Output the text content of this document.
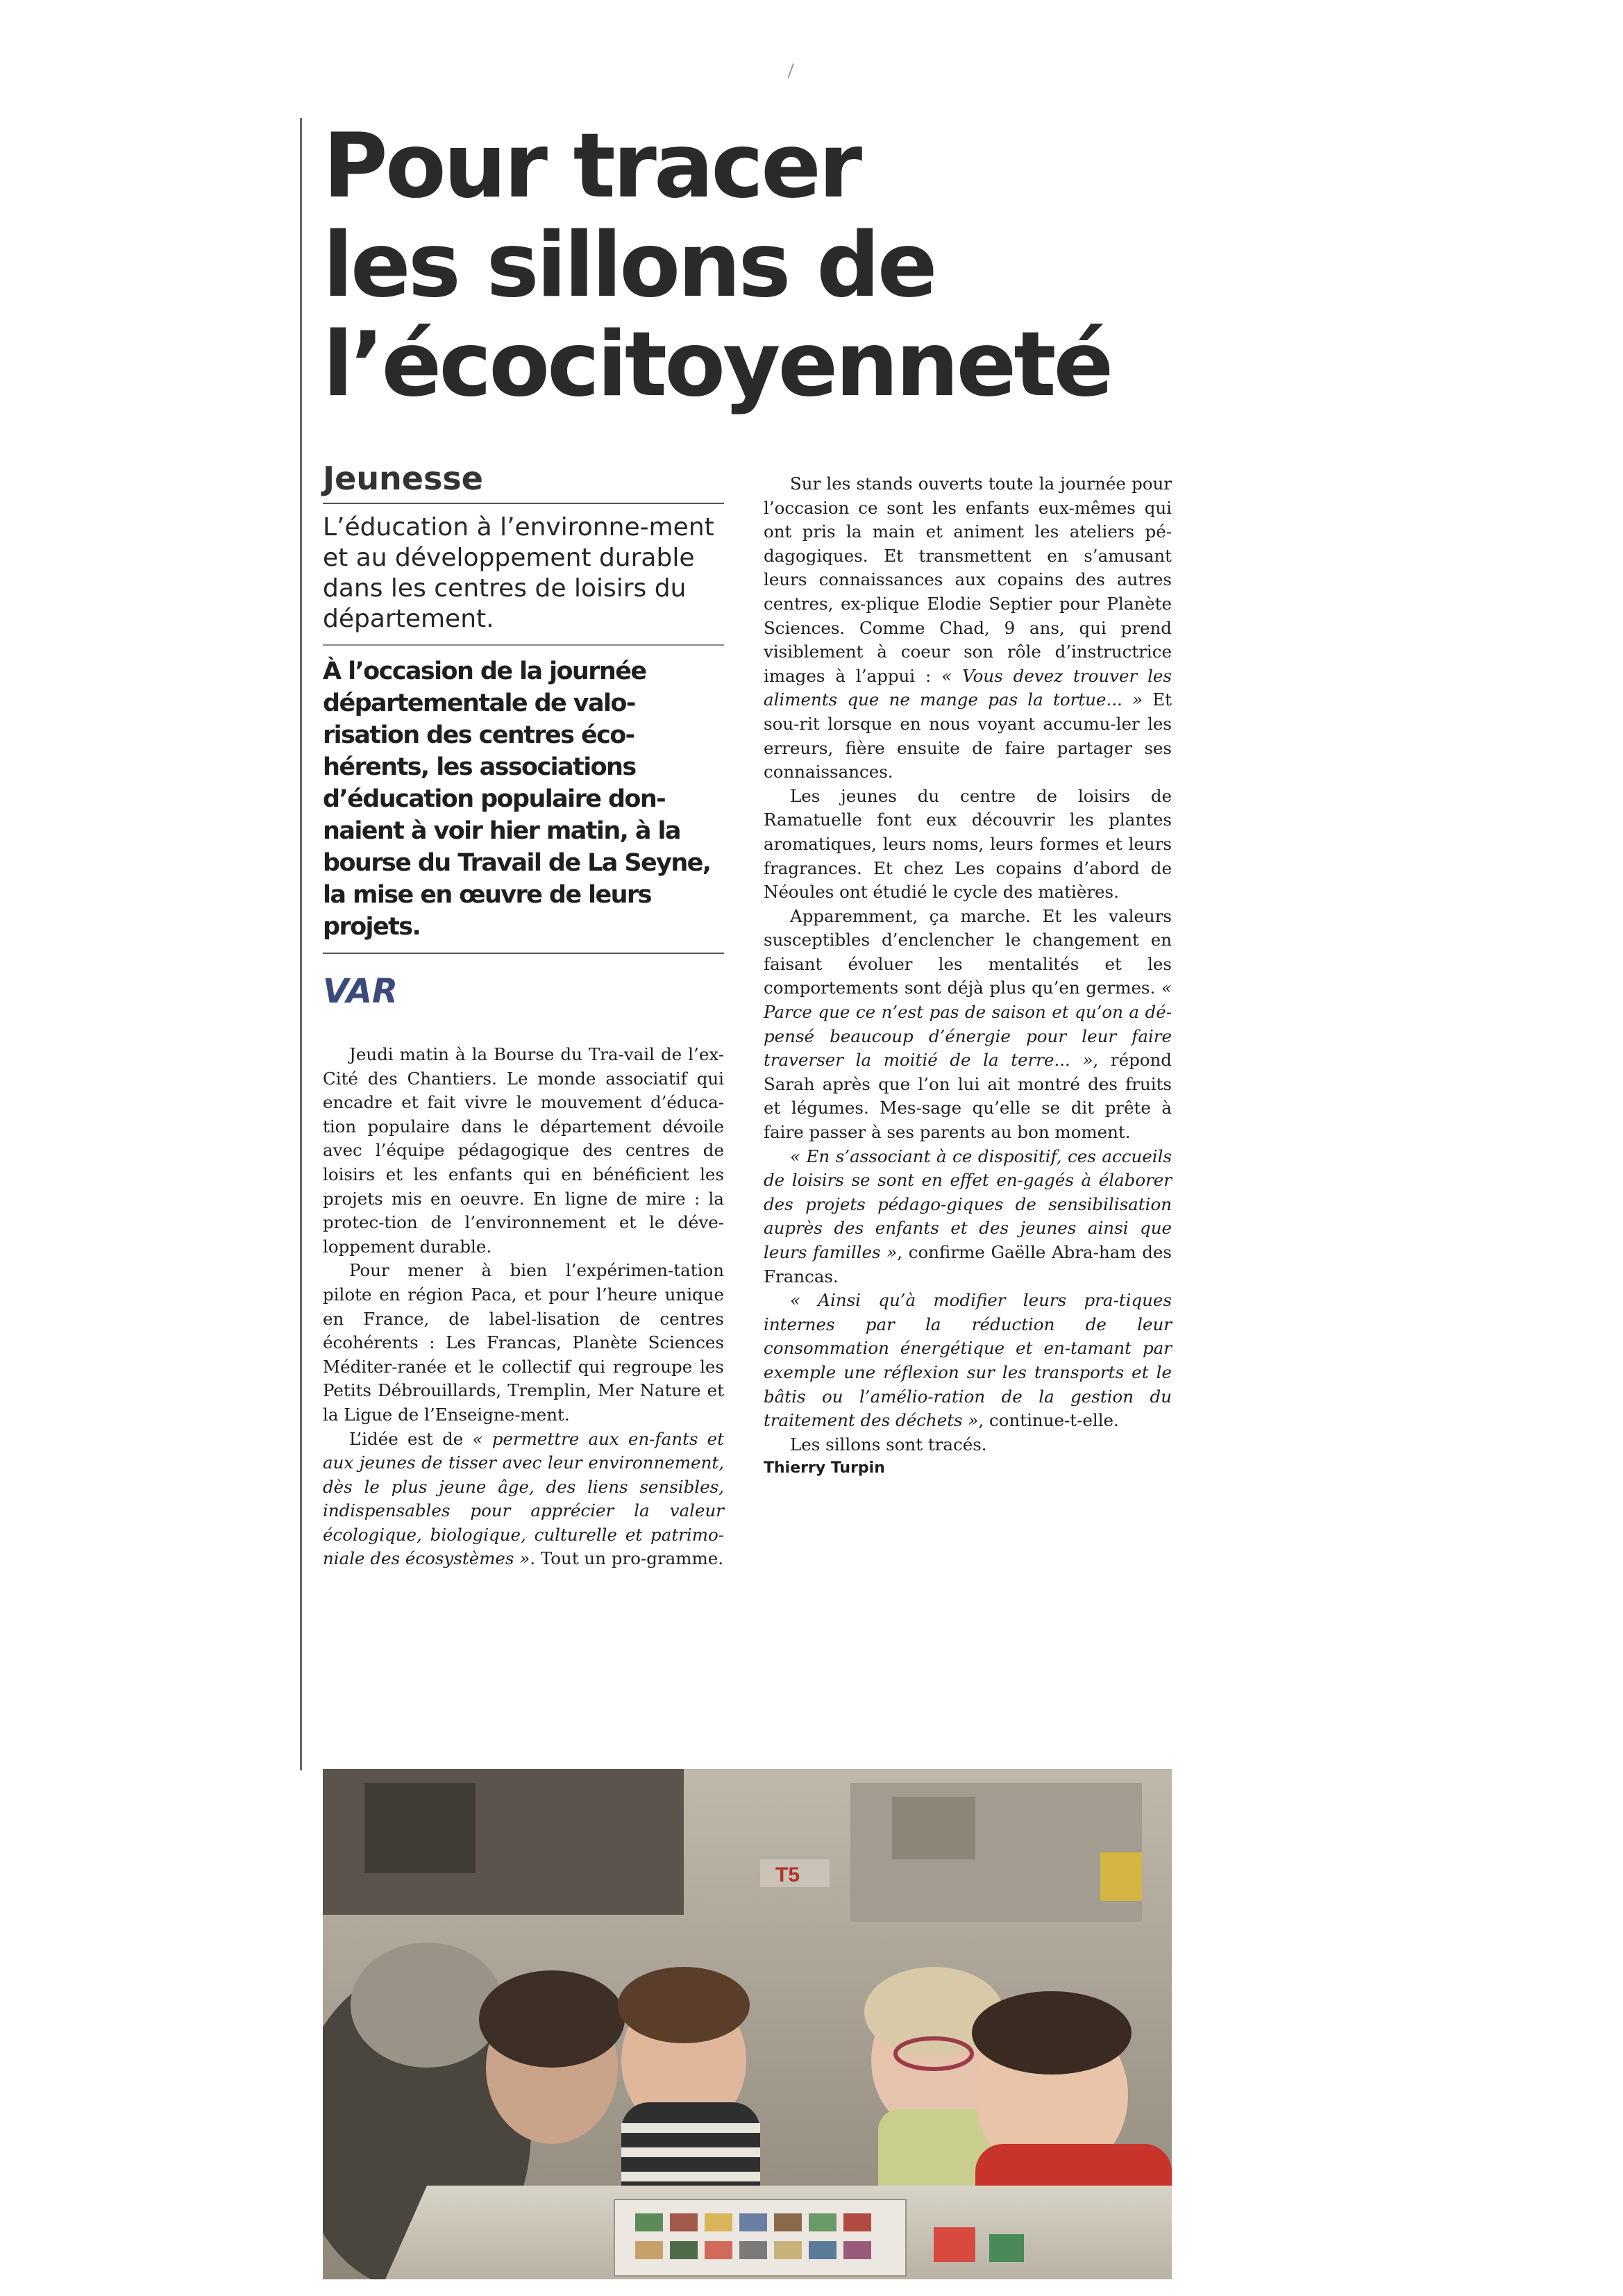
Pour tracer
les sillons de
l’écocitoyenneté
Jeunesse
L’éducation à l’environne-ment et au développement durable dans les centres de loisirs du département.
À l’occasion de la journée départementale de valo-risation des centres éco-hérents, les associations d’éducation populaire don-naient à voir hier matin, à la bourse du Travail de La Seyne, la mise en œuvre de leurs projets.
VAR

Jeudi matin à la Bourse du Tra-vail de l’ex-Cité des Chantiers. Le monde associatif qui encadre et fait vivre le mouvement d’éduca-tion populaire dans le département dévoile avec l’équipe pédagogique des centres de loisirs et les enfants qui en bénéficient les projets mis en oeuvre. En ligne de mire : la protec-tion de l’environnement et le déve-loppement durable.

Pour mener à bien l’expérimen-tation pilote en région Paca, et pour l’heure unique en France, de label-lisation de centres écohérents : Les Francas, Planète Sciences Méditer-ranée et le collectif qui regroupe les Petits Débrouillards, Tremplin, Mer Nature et la Ligue de l’Enseigne-ment.

L’idée est de « permettre aux en-fants et aux jeunes de tisser avec leur environnement, dès le plus jeune âge, des liens sensibles, indispensables pour apprécier la valeur écologique, biologique, culturelle et patrimo-niale des écosystèmes ». Tout un pro-gramme.

Sur les stands ouverts toute la journée pour l’occasion ce sont les enfants eux-mêmes qui ont pris la main et animent les ateliers pé-dagogiques. Et transmettent en s’amusant leurs connaissances aux copains des autres centres, ex-plique Elodie Septier pour Planète Sciences. Comme Chad, 9 ans, qui prend visiblement à coeur son rôle d’instructrice images à l’appui : « Vous devez trouver les aliments que ne mange pas la tortue... » Et sou-rit lorsque en nous voyant accumu-ler les erreurs, fière ensuite de faire partager ses connaissances.

Les jeunes du centre de loisirs de Ramatuelle font eux découvrir les plantes aromatiques, leurs noms, leurs formes et leurs fragrances. Et chez Les copains d’abord de Néoules ont étudié le cycle des matières.

Apparemment, ça marche. Et les valeurs susceptibles d’enclencher le changement en faisant évoluer les mentalités et les comportements sont déjà plus qu’en germes. « Parce que ce n’est pas de saison et qu’on a dé-pensé beaucoup d’énergie pour leur faire traverser la moitié de la terre... », répond Sarah après que l’on lui ait montré des fruits et légumes. Mes-sage qu’elle se dit prête à faire passer à ses parents au bon moment.

« En s’associant à ce dispositif, ces accueils de loisirs se sont en effet en-gagés à élaborer des projets pédago-giques de sensibilisation auprès des enfants et des jeunes ainsi que leurs familles », confirme Gaëlle Abra-ham des Francas.

« Ainsi qu’à modifier leurs pra-tiques internes par la réduction de leur consommation énergétique et en-tamant par exemple une réflexion sur les transports et le bâtis ou l’amélio-ration de la gestion du traitement des déchets », continue-t-elle.

Les sillons sont tracés.

Thierry Turpin

T5
